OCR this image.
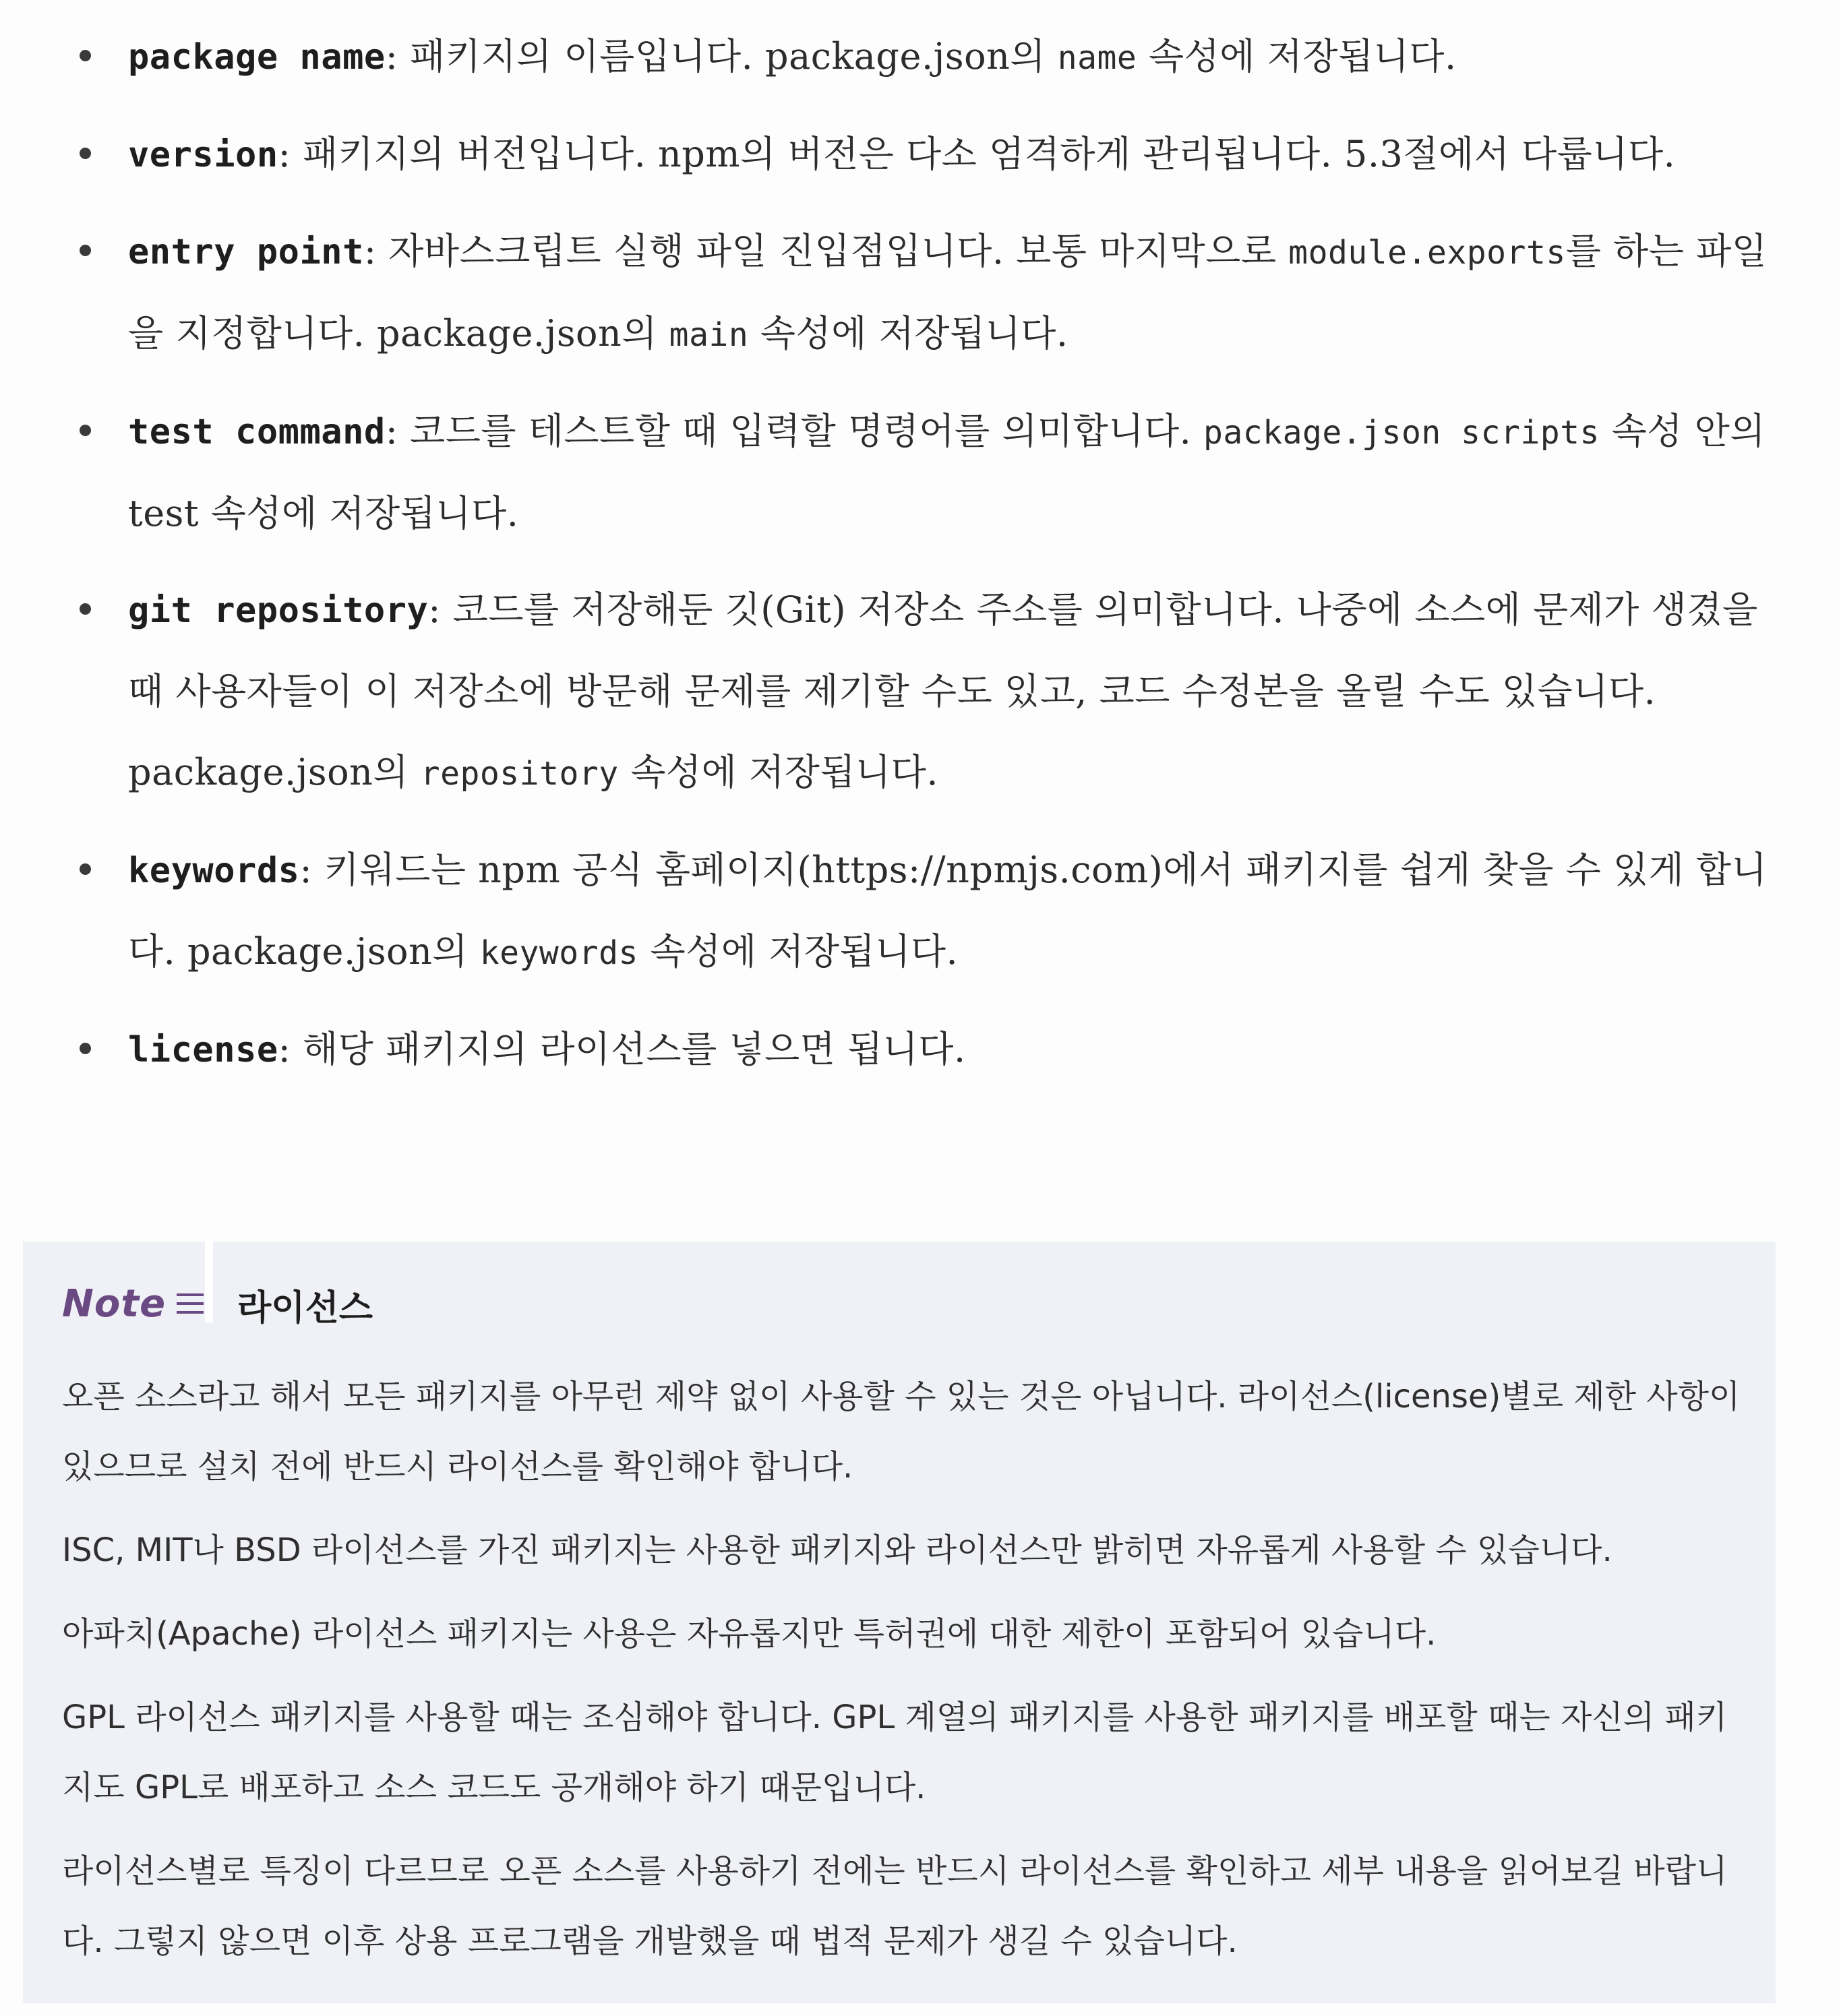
package name: 패키지의 이름입니다. package.json의 name 속성에 저장됩니다.
version: 패키지의 버전입니다. npm의 버전은 다소 엄격하게 관리됩니다. 5.3절에서 다룹니다.
entry point: 자바스크립트 실행 파일 진입점입니다. 보통 마지막으로 module.exports를 하는 파일을 지정합니다. package.json의 main 속성에 저장됩니다.
test command: 코드를 테스트할 때 입력할 명령어를 의미합니다. package.json scripts 속성 안의 test 속성에 저장됩니다.
git repository: 코드를 저장해둔 깃(Git) 저장소 주소를 의미합니다. 나중에 소스에 문제가 생겼을 때 사용자들이 이 저장소에 방문해 문제를 제기할 수도 있고, 코드 수정본을 올릴 수도 있습니다. package.json의 repository 속성에 저장됩니다.
keywords: 키워드는 npm 공식 홈페이지(https://npmjs.com)에서 패키지를 쉽게 찾을 수 있게 합니다. package.json의 keywords 속성에 저장됩니다.
license: 해당 패키지의 라이선스를 넣으면 됩니다.
Note 라이선스

오픈 소스라고 해서 모든 패키지를 아무런 제약 없이 사용할 수 있는 것은 아닙니다. 라이선스(license)별로 제한 사항이 있으므로 설치 전에 반드시 라이선스를 확인해야 합니다.

ISC, MIT나 BSD 라이선스를 가진 패키지는 사용한 패키지와 라이선스만 밝히면 자유롭게 사용할 수 있습니다.

아파치(Apache) 라이선스 패키지는 사용은 자유롭지만 특허권에 대한 제한이 포함되어 있습니다.

GPL 라이선스 패키지를 사용할 때는 조심해야 합니다. GPL 계열의 패키지를 사용한 패키지를 배포할 때는 자신의 패키지도 GPL로 배포하고 소스 코드도 공개해야 하기 때문입니다.

라이선스별로 특징이 다르므로 오픈 소스를 사용하기 전에는 반드시 라이선스를 확인하고 세부 내용을 읽어보길 바랍니다. 그렇지 않으면 이후 상용 프로그램을 개발했을 때 법적 문제가 생길 수 있습니다.
